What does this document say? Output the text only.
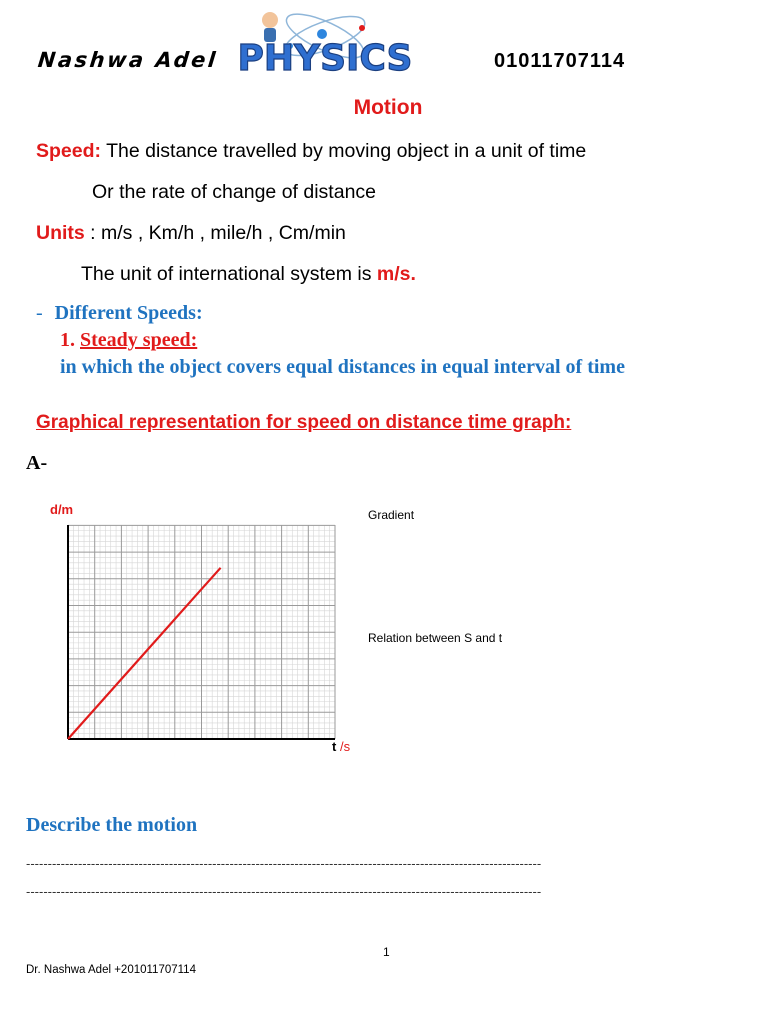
Nashwa Adel PHYSICS	01011707114
Motion
Speed: The distance travelled by moving object in a unit of time
Or the rate of change of distance
Units : m/s , Km/h , mile/h , Cm/min
The unit of international system is m/s.
- Different Speeds:
1. Steady speed:
in which the object covers equal distances in equal interval of time
Graphical representation for speed on distance time graph:
A-
d/m
t /s
Gradient
Relation between S and t
Describe the motion
-----------------------------------------------------------------------------------------------------------------------
-----------------------------------------------------------------------------------------------------------------------
1
Dr. Nashwa Adel +201011707114
